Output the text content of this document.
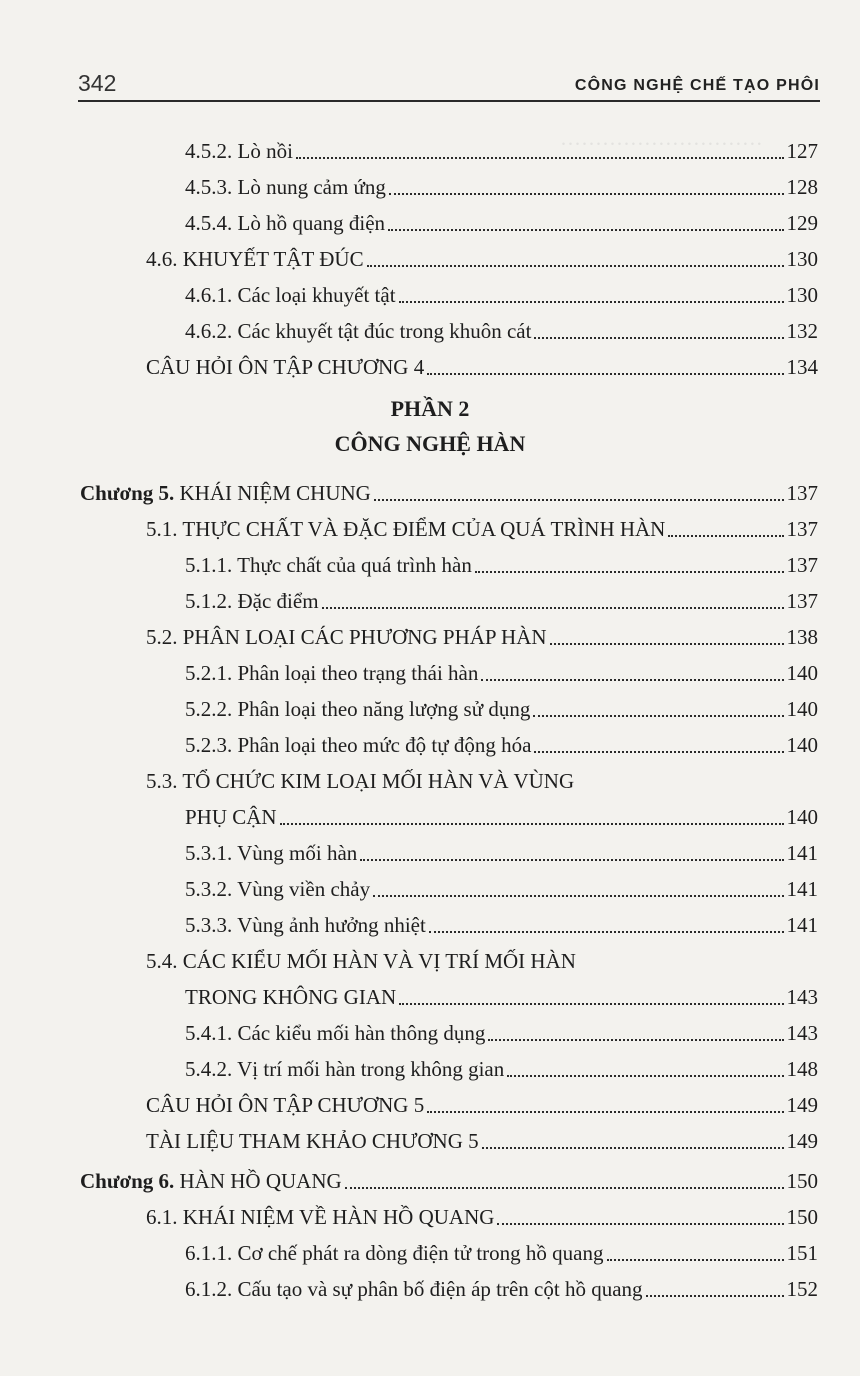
342	CÔNG NGHỆ CHẾ TẠO PHÔI
·····························
4.5.2. Lò nồi	127
4.5.3. Lò nung cảm ứng	128
4.5.4. Lò hồ quang điện	129
4.6. KHUYẾT TẬT ĐÚC	130
4.6.1. Các loại khuyết tật	130
4.6.2. Các khuyết tật đúc trong khuôn cát	132
CÂU HỎI ÔN TẬP CHƯƠNG 4	134
PHẦN 2
CÔNG NGHỆ HÀN
Chương 5. KHÁI NIỆM CHUNG	137
5.1. THỰC CHẤT VÀ ĐẶC ĐIỂM CỦA QUÁ TRÌNH HÀN	137
5.1.1. Thực chất của quá trình hàn	137
5.1.2. Đặc điểm	137
5.2. PHÂN LOẠI CÁC PHƯƠNG PHÁP HÀN	138
5.2.1. Phân loại theo trạng thái hàn	140
5.2.2. Phân loại theo năng lượng sử dụng	140
5.2.3. Phân loại theo mức độ tự động hóa	140
5.3. TỔ CHỨC KIM LOẠI MỐI HÀN VÀ VÙNG
PHỤ CẬN	140
5.3.1. Vùng mối hàn	141
5.3.2. Vùng viền chảy	141
5.3.3. Vùng ảnh hưởng nhiệt	141
5.4. CÁC KIỂU MỐI HÀN VÀ VỊ TRÍ MỐI HÀN
TRONG KHÔNG GIAN	143
5.4.1. Các kiểu mối hàn thông dụng	143
5.4.2. Vị trí mối hàn trong không gian	148
CÂU HỎI ÔN TẬP CHƯƠNG 5	149
TÀI LIỆU THAM KHẢO CHƯƠNG 5	149
Chương 6. HÀN HỒ QUANG	150
6.1. KHÁI NIỆM VỀ HÀN HỒ QUANG	150
6.1.1. Cơ chế phát ra dòng điện tử trong hồ quang	151
6.1.2. Cấu tạo và sự phân bố điện áp trên cột hồ quang	152
